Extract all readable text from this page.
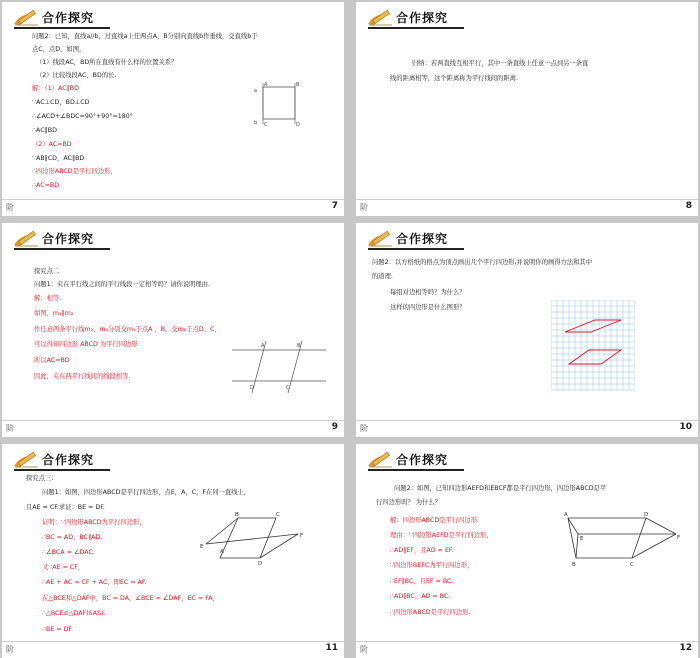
合作探究
问题2：已知，直线a//b，过直线a上任两点A，B分别向直线b作垂线，交直线b于
点C，点D，如图，
（1）线段AC，BD所在直线有什么样的位置关系？
（2）比较线段AC，BD的长.
解：（1）AC∥BD
∵AC⊥CD，BD⊥CD
∴∠ACD+∠BDC=90°+90°=180°
∴AC∥BD
（2）AC=BD
∵AB∥CD，AC∥BD
∴四边形ABCD是平行四边形，
∴AC=BD
a
A	B
b C	D
阶	7
合作探究
归纳：若两直线互相平行，其中一条直线上任意一点到另一条直
线的距离相等，这个距离称为平行线间的距离.
阶	8
合作探究
探究点二
问题1：夹在平行线之间的平行线段一定相等吗？请你说明理由.
解：相等.
如图，m₁∥m₂
作任意两条平行线m₃、m₄分别交m₁于点A ，B，交m₂于点D、C，
可以得知四边形 ABCD 为平行四边形
所以AC=BD
因此，夹在两平行线间的线段相等.
A	B
D	C
阶	9
合作探究
问题2：以方格纸的格点为顶点画出几个平行四边形,并说明你的画得方法和其中
的道理.
每组对边相等吗？为什么？
这样的四边形是什么图形？
阶	10
合作探究
探究点三：
问题1：如图，四边形ABCD是平行四边形，点E，A，C，F在同一直线上，
且AE = CF.求证：BE = DF.
证明：∵四边形ABCD为平行四边形，
∴BC = AD，BC∥AD.
∴∠BCA = ∠DAC.
又∵AE = CF，
∴AE + AC = CF + AC，即EC = AF.
在△BCE和△DAF中，BC = DA，∠BCE = ∠DAF，EC = FA，
∴△BCE≌△DAF(SAS).
∴BE = DF.
B	C
D
A
E
F
阶	11
合作探究
问题2：如图，已知四边形AEFD和EBCF都是平行四边形，四边形ABCD是平
行四边形吗？ 为什么？
解：四边形ABCD是平行四边形.
理由：∵四边形AEFD是平行四边形，
∴AD∥EF，且AD = EF.
∵四边形BEFC为平行四边形，
∴EF∥BC，且EF = BC.
∴AD∥BC，AD = BC.
∴四边形ABCD是平行四边形.
A	D
E	F
B	C
阶	12
